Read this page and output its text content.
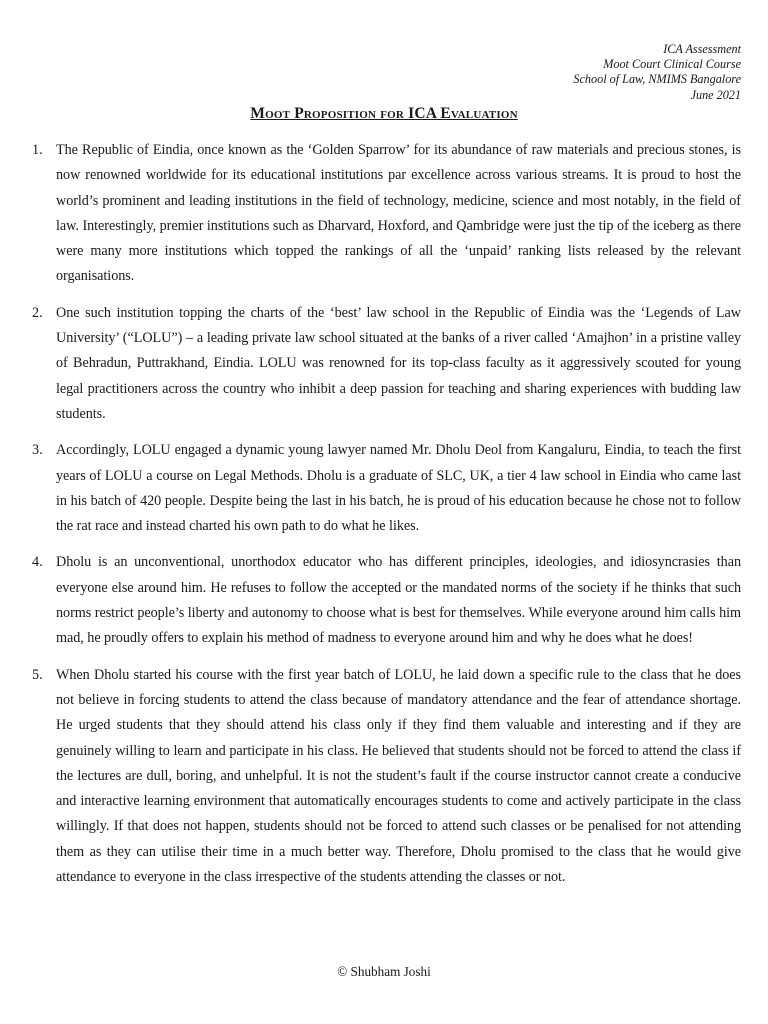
ICA Assessment
Moot Court Clinical Course
School of Law, NMIMS Bangalore
June 2021
Moot Proposition for ICA Evaluation
1. The Republic of Eindia, once known as the ‘Golden Sparrow’ for its abundance of raw materials and precious stones, is now renowned worldwide for its educational institutions par excellence across various streams. It is proud to host the world’s prominent and leading institutions in the field of technology, medicine, science and most notably, in the field of law. Interestingly, premier institutions such as Dharvard, Hoxford, and Qambridge were just the tip of the iceberg as there were many more institutions which topped the rankings of all the ‘unpaid’ ranking lists released by the relevant organisations.

2. One such institution topping the charts of the ‘best’ law school in the Republic of Eindia was the ‘Legends of Law University’ (“LOLU”) – a leading private law school situated at the banks of a river called ‘Amajhon’ in a pristine valley of Behradun, Puttrakhand, Eindia. LOLU was renowned for its top-class faculty as it aggressively scouted for young legal practitioners across the country who inhibit a deep passion for teaching and sharing experiences with budding law students.

3. Accordingly, LOLU engaged a dynamic young lawyer named Mr. Dholu Deol from Kangaluru, Eindia, to teach the first years of LOLU a course on Legal Methods. Dholu is a graduate of SLC, UK, a tier 4 law school in Eindia who came last in his batch of 420 people. Despite being the last in his batch, he is proud of his education because he chose not to follow the rat race and instead charted his own path to do what he likes.

4. Dholu is an unconventional, unorthodox educator who has different principles, ideologies, and idiosyncrasies than everyone else around him. He refuses to follow the accepted or the mandated norms of the society if he thinks that such norms restrict people’s liberty and autonomy to choose what is best for themselves. While everyone around him calls him mad, he proudly offers to explain his method of madness to everyone around him and why he does what he does!

5. When Dholu started his course with the first year batch of LOLU, he laid down a specific rule to the class that he does not believe in forcing students to attend the class because of mandatory attendance and the fear of attendance shortage. He urged students that they should attend his class only if they find them valuable and interesting and if they are genuinely willing to learn and participate in his class. He believed that students should not be forced to attend the class if the lectures are dull, boring, and unhelpful. It is not the student’s fault if the course instructor cannot create a conducive and interactive learning environment that automatically encourages students to come and actively participate in the class willingly. If that does not happen, students should not be forced to attend such classes or be penalised for not attending them as they can utilise their time in a much better way. Therefore, Dholu promised to the class that he would give attendance to everyone in the class irrespective of the students attending the classes or not.

© Shubham Joshi
